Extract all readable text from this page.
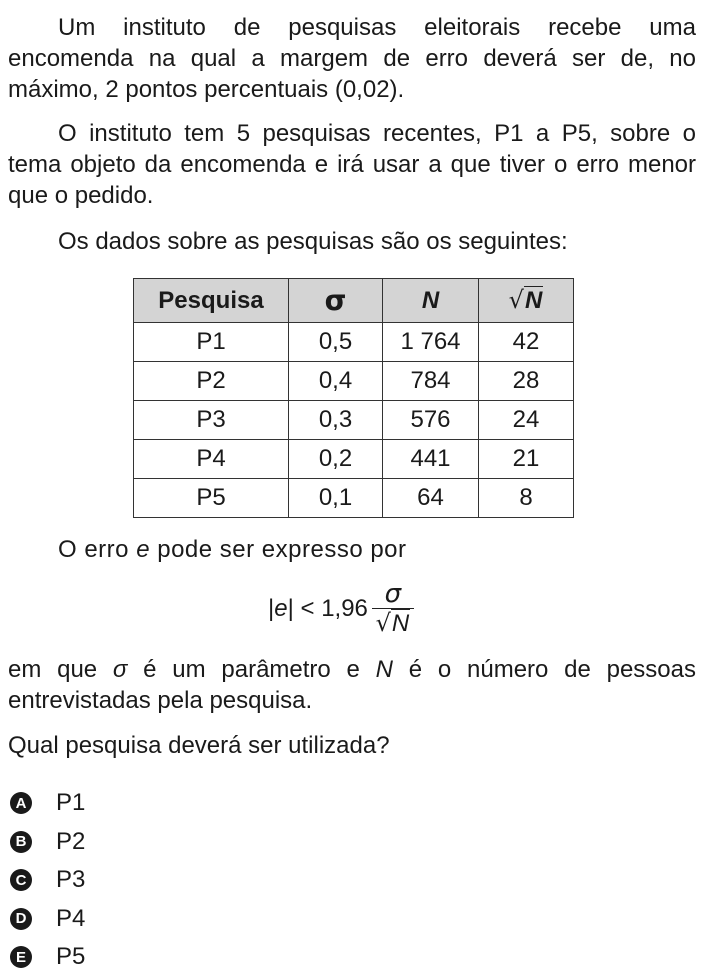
Um instituto de pesquisas eleitorais recebe uma encomenda na qual a margem de erro deverá ser de, no máximo, 2 pontos percentuais (0,02).

O instituto tem 5 pesquisas recentes, P1 a P5, sobre o tema objeto da encomenda e irá usar a que tiver o erro menor que o pedido.

Os dados sobre as pesquisas são os seguintes:

Pesquisa	σ	N	√N
P1	0,5	1 764	42
P2	0,4	784	28
P3	0,3	576	24
P4	0,2	441	21
P5	0,1	64	8

O erro e pode ser expresso por

| e | < $1,96 \frac{\sigma}{√N}$

em que σ é um parâmetro e N é o número de pessoas entrevistadas pela pesquisa.

Qual pesquisa deverá ser utilizada?

A P1
B P2
C P3
D P4
E P5
